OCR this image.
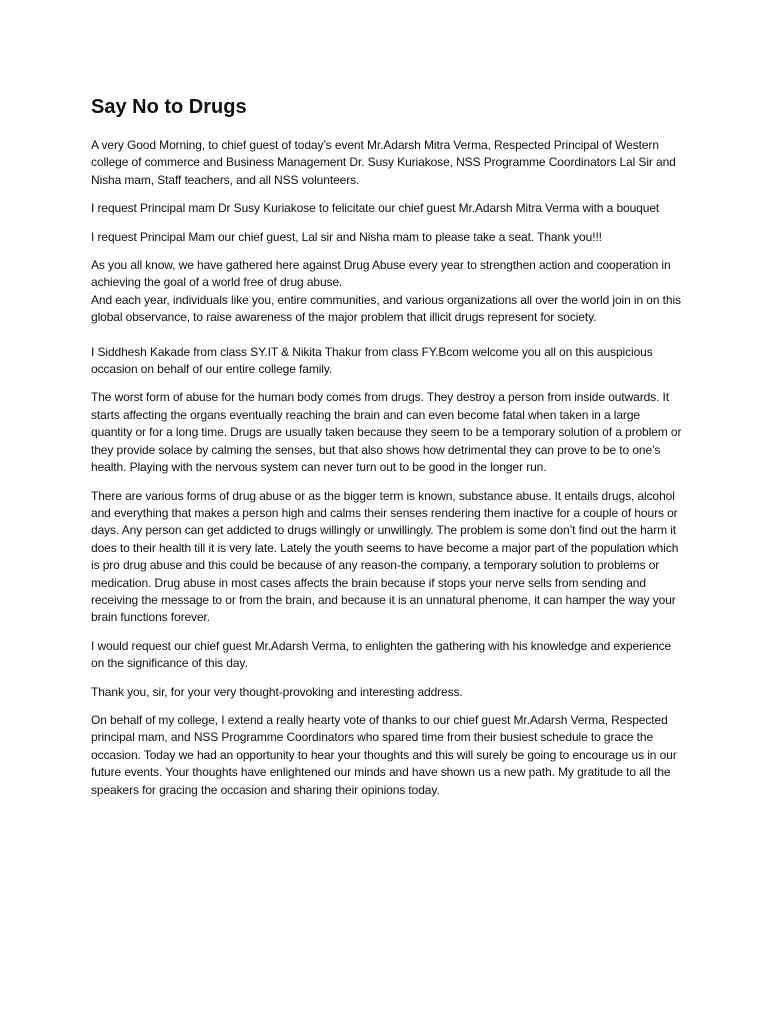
Say No to Drugs

A very Good Morning, to chief guest of today’s event Mr.Adarsh Mitra Verma, Respected Principal of Western college of commerce and Business Management Dr. Susy Kuriakose, NSS Programme Coordinators Lal Sir and Nisha mam, Staff teachers, and all NSS volunteers.

I request Principal mam Dr Susy Kuriakose to felicitate our chief guest Mr.Adarsh Mitra Verma with a bouquet

I request Principal Mam our chief guest, Lal sir and Nisha mam to please take a seat. Thank you!!!

As you all know, we have gathered here against Drug Abuse every year to strengthen action and cooperation in achieving the goal of a world free of drug abuse.

And each year, individuals like you, entire communities, and various organizations all over the world join in on this global observance, to raise awareness of the major problem that illicit drugs represent for society.

I Siddhesh Kakade from class SY.IT & Nikita Thakur from class FY.Bcom welcome you all on this auspicious occasion on behalf of our entire college family.

The worst form of abuse for the human body comes from drugs. They destroy a person from inside outwards. It starts affecting the organs eventually reaching the brain and can even become fatal when taken in a large quantity or for a long time. Drugs are usually taken because they seem to be a temporary solution of a problem or they provide solace by calming the senses, but that also shows how detrimental they can prove to be to one’s health. Playing with the nervous system can never turn out to be good in the longer run.

There are various forms of drug abuse or as the bigger term is known, substance abuse. It entails drugs, alcohol and everything that makes a person high and calms their senses rendering them inactive for a couple of hours or days. Any person can get addicted to drugs willingly or unwillingly. The problem is some don’t find out the harm it does to their health till it is very late. Lately the youth seems to have become a major part of the population which is pro drug abuse and this could be because of any reason-the company, a temporary solution to problems or medication. Drug abuse in most cases affects the brain because if stops your nerve sells from sending and receiving the message to or from the brain, and because it is an unnatural phenome, it can hamper the way your brain functions forever.

I would request our chief guest Mr.Adarsh Verma, to enlighten the gathering with his knowledge and experience on the significance of this day.

Thank you, sir, for your very thought-provoking and interesting address.

On behalf of my college, I extend a really hearty vote of thanks to our chief guest Mr.Adarsh Verma, Respected principal mam, and NSS Programme Coordinators who spared time from their busiest schedule to grace the occasion. Today we had an opportunity to hear your thoughts and this will surely be going to encourage us in our future events. Your thoughts have enlightened our minds and have shown us a new path. My gratitude to all the speakers for gracing the occasion and sharing their opinions today.
